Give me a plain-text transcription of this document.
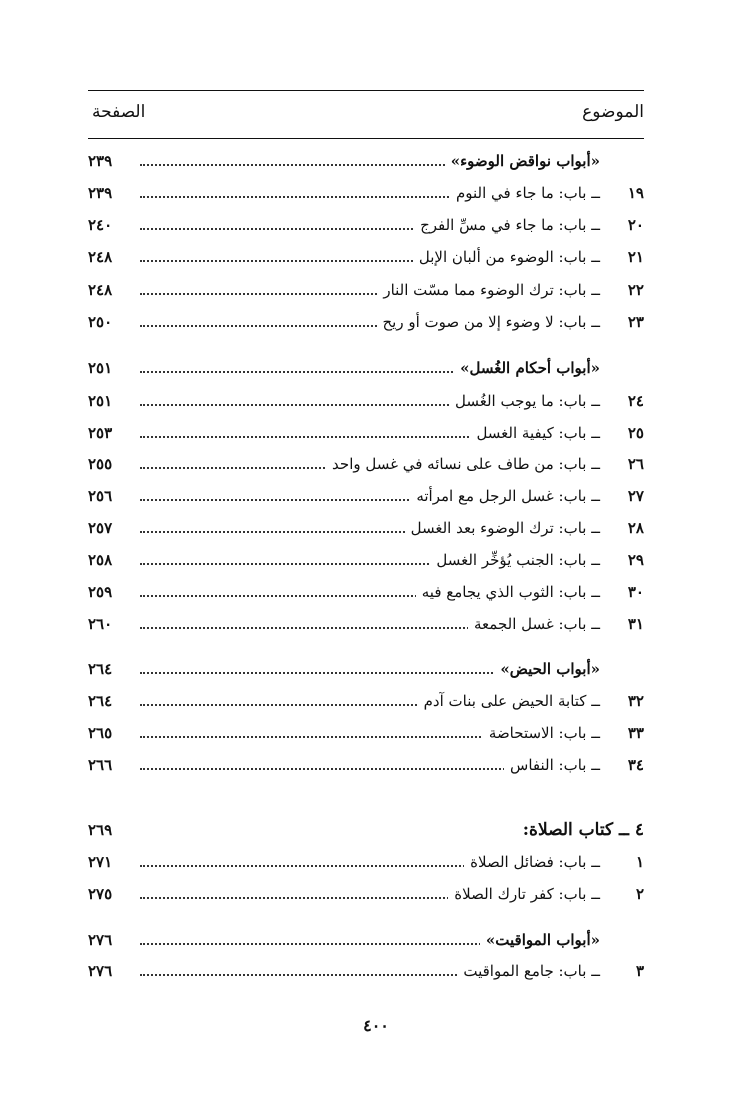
الموضوع
الصفحة
«أبواب نواقض الوضوء»
٢٣٩
١٩
ــ باب: ما جاء في النوم
٢٣٩
٢٠
ــ باب: ما جاء في مسِّ الفرج
٢٤٠
٢١
ــ باب: الوضوء من ألبان الإبل
٢٤٨
٢٢
ــ باب: ترك الوضوء مما مسّت النار
٢٤٨
٢٣
ــ باب: لا وضوء إلا من صوت أو ريح
٢٥٠
«أبواب أحكام الغُسل»
٢٥١
٢٤
ــ باب: ما يوجب الغُسل
٢٥١
٢٥
ــ باب: كيفية الغسل
٢٥٣
٢٦
ــ باب: من طاف على نسائه في غسل واحد
٢٥٥
٢٧
ــ باب: غسل الرجل مع امرأته
٢٥٦
٢٨
ــ باب: ترك الوضوء بعد الغسل
٢٥٧
٢٩
ــ باب: الجنب يُؤخِّر الغسل
٢٥٨
٣٠
ــ باب: الثوب الذي يجامع فيه
٢٥٩
٣١
ــ باب: غسل الجمعة
٢٦٠
«أبواب الحيض»
٢٦٤
٣٢
ــ كتابة الحيض على بنات آدم
٢٦٤
٣٣
ــ باب: الاستحاضة
٢٦٥
٣٤
ــ باب: النفاس
٢٦٦
٤ ــ كتاب الصلاة:
٢٦٩
١
ــ باب: فضائل الصلاة
٢٧١
٢
ــ باب: كفر تارك الصلاة
٢٧٥
«أبواب المواقيت»
٢٧٦
٣
ــ باب: جامع المواقيت
٢٧٦
٤٠٠
